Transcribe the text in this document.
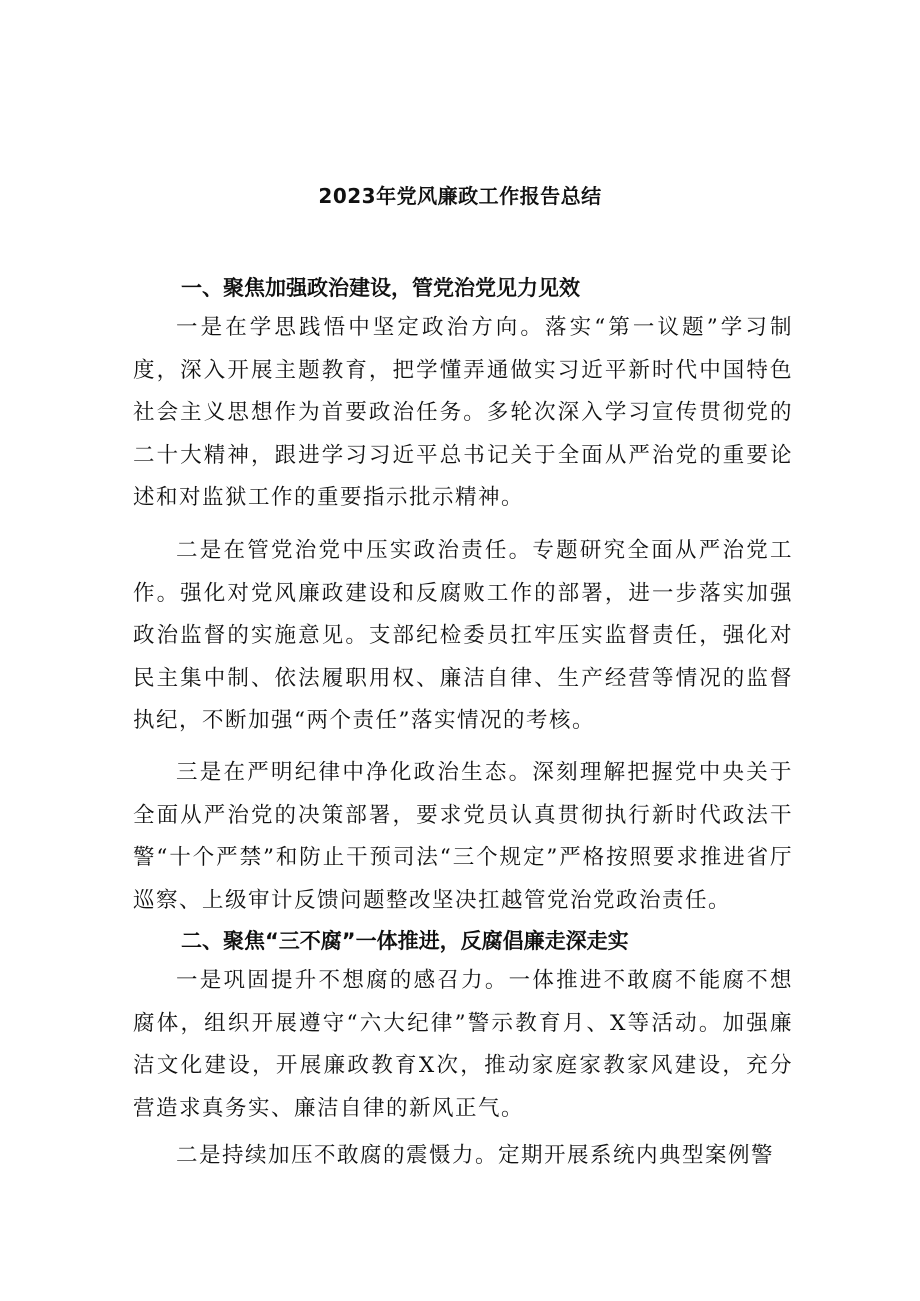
2023年党风廉政工作报告总结
一、聚焦加强政治建设，管党治党见力见效

一是在学思践悟中坚定政治方向。落实“第一议题”学习制度，深入开展主题教育，把学懂弄通做实习近平新时代中国特色社会主义思想作为首要政治任务。多轮次深入学习宣传贯彻党的二十大精神，跟进学习习近平总书记关于全面从严治党的重要论述和对监狱工作的重要指示批示精神。

二是在管党治党中压实政治责任。专题研究全面从严治党工作。强化对党风廉政建设和反腐败工作的部署，进一步落实加强政治监督的实施意见。支部纪检委员扛牢压实监督责任，强化对民主集中制、依法履职用权、廉洁自律、生产经营等情况的监督执纪，不断加强“两个责任”落实情况的考核。

三是在严明纪律中净化政治生态。深刻理解把握党中央关于全面从严治党的决策部署，要求党员认真贯彻执行新时代政法干警“十个严禁”和防止干预司法“三个规定”严格按照要求推进省厅巡察、上级审计反馈问题整改坚决扛越管党治党政治责任。

二、聚焦“三不腐”一体推进，反腐倡廉走深走实

一是巩固提升不想腐的感召力。一体推进不敢腐不能腐不想腐体，组织开展遵守“六大纪律”警示教育月、X等活动。加强廉洁文化建设，开展廉政教育X次，推动家庭家教家风建设，充分营造求真务实、廉洁自律的新风正气。

二是持续加压不敢腐的震慑力。定期开展系统内典型案例警
